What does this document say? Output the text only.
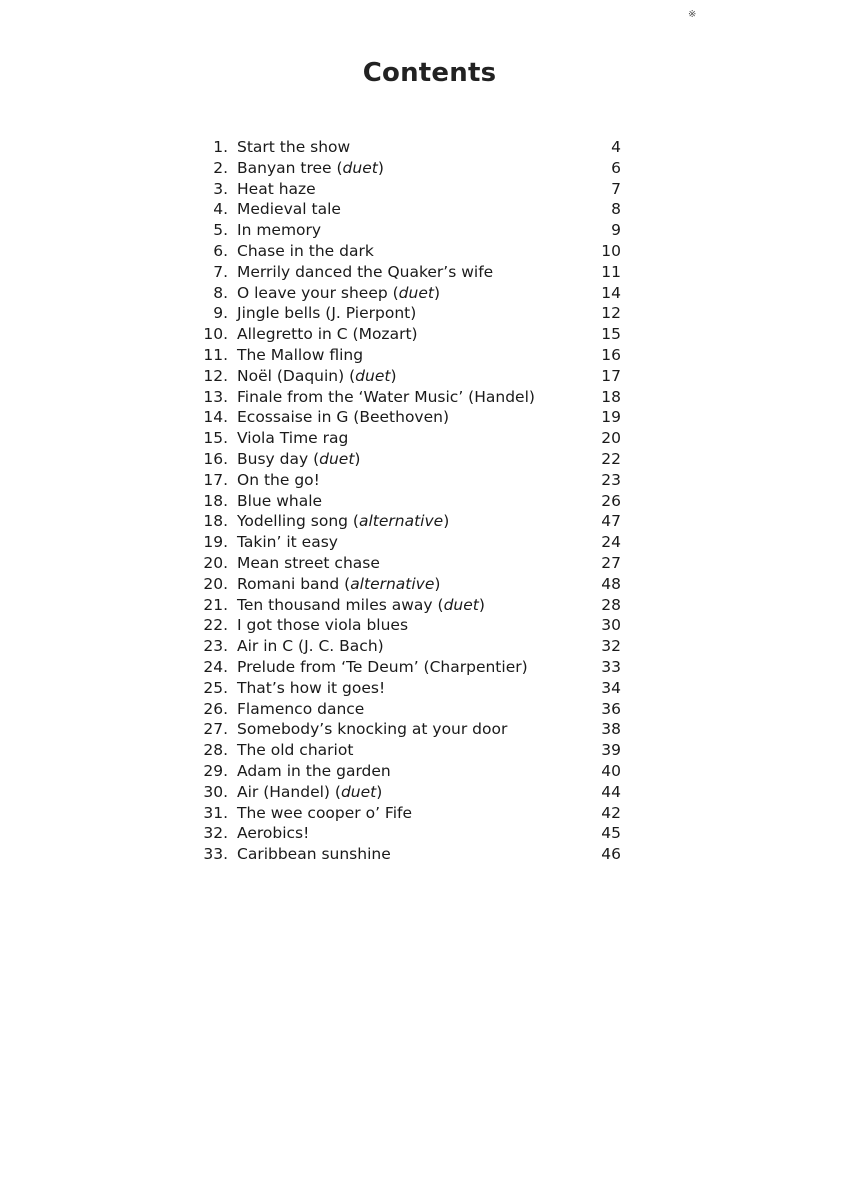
※
Contents
1. Start the show	4
2. Banyan tree (duet)	6
3. Heat haze	7
4. Medieval tale	8
5. In memory	9
6. Chase in the dark	10
7. Merrily danced the Quaker’s wife	11
8. O leave your sheep (duet)	14
9. Jingle bells (J. Pierpont)	12
10. Allegretto in C (Mozart)	15
11. The Mallow fling	16
12. Noël (Daquin) (duet)	17
13. Finale from the ‘Water Music’ (Handel)	18
14. Ecossaise in G (Beethoven)	19
15. Viola Time rag	20
16. Busy day (duet)	22
17. On the go!	23
18. Blue whale	26
18. Yodelling song (alternative)	47
19. Takin’ it easy	24
20. Mean street chase	27
20. Romani band (alternative)	48
21. Ten thousand miles away (duet)	28
22. I got those viola blues	30
23. Air in C (J. C. Bach)	32
24. Prelude from ‘Te Deum’ (Charpentier)	33
25. That’s how it goes!	34
26. Flamenco dance	36
27. Somebody’s knocking at your door	38
28. The old chariot	39
29. Adam in the garden	40
30. Air (Handel) (duet)	44
31. The wee cooper o’ Fife	42
32. Aerobics!	45
33. Caribbean sunshine	46
